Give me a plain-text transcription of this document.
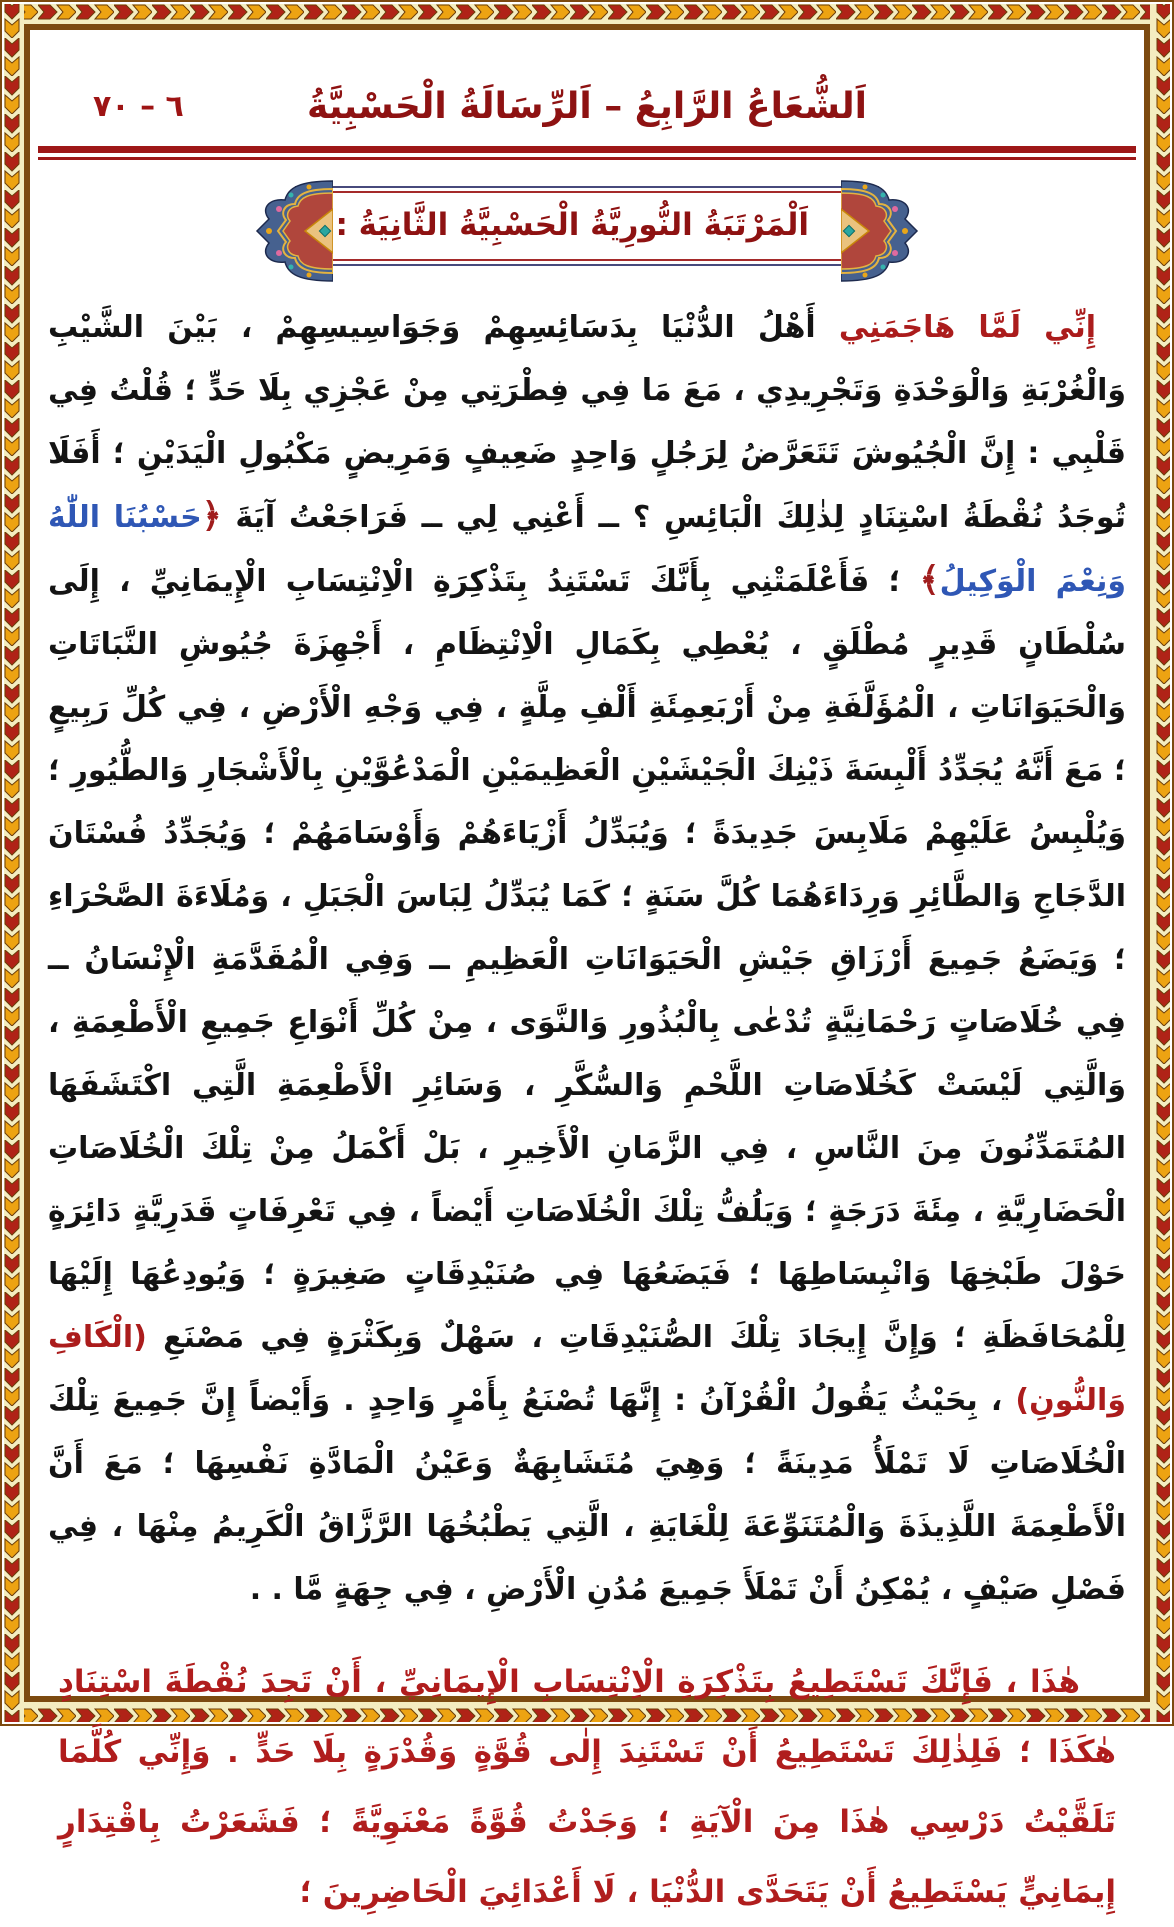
اَلشُّعَاعُ الرَّابِعُ – اَلرِّسَالَةُ الْحَسْبِيَّةُ
٦ – ٧٠
اَلْمَرْتَبَةُ النُّورِيَّةُ الْحَسْبِيَّةُ الثَّانِيَةُ :

إِنِّي لَمَّا هَاجَمَنِي أَهْلُ الدُّنْيَا بِدَسَائِسِهِمْ وَجَوَاسِيسِهِمْ ، بَيْنَ الشَّيْبِ وَالْغُرْبَةِ وَالْوَحْدَةِ وَتَجْرِيدِي ، مَعَ مَا فِي فِطْرَتِي مِنْ عَجْزِي بِلَا حَدٍّ ؛ قُلْتُ فِي قَلْبِي : إِنَّ الْجُيُوشَ تَتَعَرَّضُ لِرَجُلٍ وَاحِدٍ ضَعِيفٍ وَمَرِيضٍ مَكْبُولِ الْيَدَيْنِ ؛ أَفَلَا تُوجَدُ نُقْطَةُ اسْتِنَادٍ لِذٰلِكَ الْبَائِسِ ؟ ــ أَعْنِي لِي ــ فَرَاجَعْتُ آيَةَ ﴿حَسْبُنَا اللّٰهُ وَنِعْمَ الْوَكِيلُ﴾ ؛ فَأَعْلَمَتْنِي بِأَنَّكَ تَسْتَنِدُ بِتَذْكِرَةِ الْاِنْتِسَابِ الْإِيمَانِيِّ ، إِلَى سُلْطَانٍ قَدِيرٍ مُطْلَقٍ ، يُعْطِي بِكَمَالِ الْاِنْتِظَامِ ، أَجْهِزَةَ جُيُوشِ النَّبَاتَاتِ وَالْحَيَوَانَاتِ ، الْمُؤَلَّفَةِ مِنْ أَرْبَعِمِئَةِ أَلْفِ مِلَّةٍ ، فِي وَجْهِ الْأَرْضِ ، فِي كُلِّ رَبِيعٍ ؛ مَعَ أَنَّهُ يُجَدِّدُ أَلْبِسَةَ ذَيْنِكَ الْجَيْشَيْنِ الْعَظِيمَيْنِ الْمَدْعُوَّيْنِ بِالْأَشْجَارِ وَالطُّيُورِ ؛ وَيُلْبِسُ عَلَيْهِمْ مَلَابِسَ جَدِيدَةً ؛ وَيُبَدِّلُ أَزْيَاءَهُمْ وَأَوْسَامَهُمْ ؛ وَيُجَدِّدُ فُسْتَانَ الدَّجَاجِ وَالطَّائِرِ وَرِدَاءَهُمَا كُلَّ سَنَةٍ ؛ كَمَا يُبَدِّلُ لِبَاسَ الْجَبَلِ ، وَمُلَاءَةَ الصَّحْرَاءِ ؛ وَيَضَعُ جَمِيعَ أَرْزَاقِ جَيْشِ الْحَيَوَانَاتِ الْعَظِيمِ ــ وَفِي الْمُقَدَّمَةِ الْإِنْسَانُ ــ فِي خُلَاصَاتٍ رَحْمَانِيَّةٍ تُدْعٰى بِالْبُذُورِ وَالنَّوَى ، مِنْ كُلِّ أَنْوَاعِ جَمِيعِ الْأَطْعِمَةِ ، وَالَّتِي لَيْسَتْ كَخُلَاصَاتِ اللَّحْمِ وَالسُّكَّرِ ، وَسَائِرِ الْأَطْعِمَةِ الَّتِي اكْتَشَفَهَا المُتَمَدِّنُونَ مِنَ النَّاسِ ، فِي الزَّمَانِ الْأَخِيرِ ، بَلْ أَكْمَلُ مِنْ تِلْكَ الْخُلَاصَاتِ الْحَضَارِيَّةِ ، مِئَةَ دَرَجَةٍ ؛ وَيَلُفُّ تِلْكَ الْخُلَاصَاتِ أَيْضاً ، فِي تَعْرِفَاتٍ قَدَرِيَّةٍ دَائِرَةٍ حَوْلَ طَبْخِهَا وَانْبِسَاطِهَا ؛ فَيَضَعُهَا فِي صُنَيْدِقَاتٍ صَغِيرَةٍ ؛ وَيُودِعُهَا إِلَيْهَا لِلْمُحَافَظَةِ ؛ وَإِنَّ إِيجَادَ تِلْكَ الصُّنَيْدِقَاتِ ، سَهْلٌ وَبِكَثْرَةٍ فِي مَصْنَعِ (الْكَافِ وَالنُّونِ) ، بِحَيْثُ يَقُولُ الْقُرْآنُ : إِنَّهَا تُصْنَعُ بِأَمْرٍ وَاحِدٍ . وَأَيْضاً إِنَّ جَمِيعَ تِلْكَ الْخُلَاصَاتِ لَا تَمْلَأُ مَدِينَةً ؛ وَهِيَ مُتَشَابِهَةٌ وَعَيْنُ الْمَادَّةِ نَفْسِهَا ؛ مَعَ أَنَّ الْأَطْعِمَةَ اللَّذِيذَةَ وَالْمُتَنَوِّعَةَ لِلْغَايَةِ ، الَّتِي يَطْبُخُهَا الرَّزَّاقُ الْكَرِيمُ مِنْهَا ، فِي فَصْلِ صَيْفٍ ، يُمْكِنُ أَنْ تَمْلَأَ جَمِيعَ مُدُنِ الْأَرْضِ ، فِي جِهَةٍ مَّا . .

هٰذَا ، فَإِنَّكَ تَسْتَطِيعُ بِتَذْكِرَةِ الْاِنْتِسَابِ الْإِيمَانِيِّ ، أَنْ تَجِدَ نُقْطَةَ اسْتِنَادٍ هٰكَذَا ؛ فَلِذٰلِكَ تَسْتَطِيعُ أَنْ تَسْتَنِدَ إِلٰى قُوَّةٍ وَقُدْرَةٍ بِلَا حَدٍّ . وَإِنِّي كُلَّمَا تَلَقَّيْتُ دَرْسِي هٰذَا مِنَ الْآيَةِ ؛ وَجَدْتُ قُوَّةً مَعْنَوِيَّةً ؛ فَشَعَرْتُ بِاقْتِدَارٍ إِيمَانِيٍّ يَسْتَطِيعُ أَنْ يَتَحَدَّى الدُّنْيَا ، لَا أَعْدَائِيَ الْحَاضِرِينَ ؛
